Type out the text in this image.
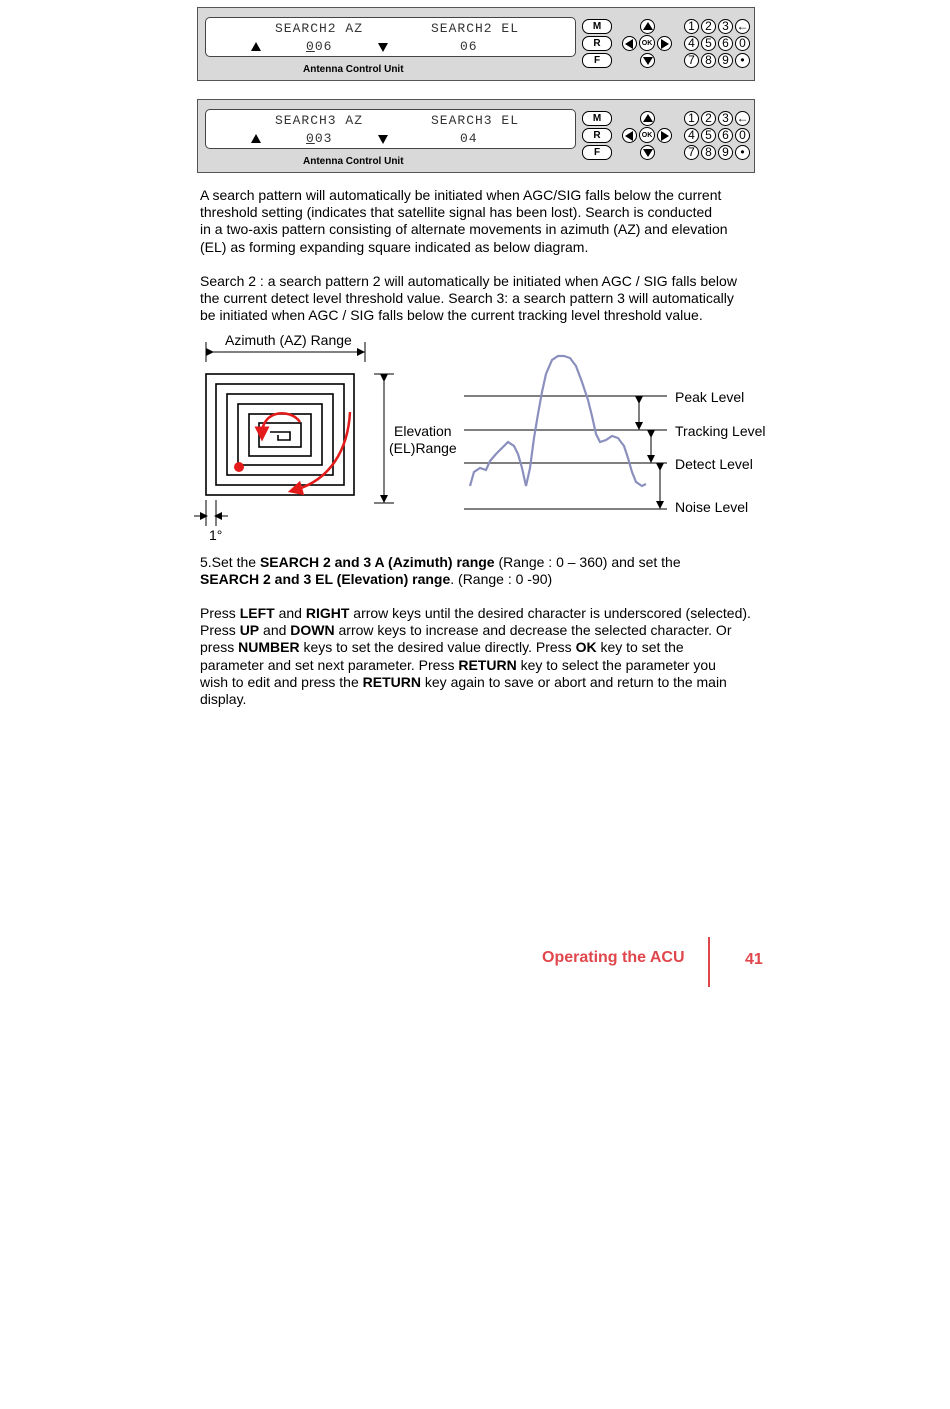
SEARCH2 AZ	SEARCH2 EL
006	06
Antenna Control Unit
M
R
F
OK
1 2 3 ←
4 5 6 0
7 8 9 •
SEARCH3 AZ	SEARCH3 EL
003	04
Antenna Control Unit
M
R
F
OK
1 2 3 ←
4 5 6 0
7 8 9 •

A search pattern will automatically be initiated when AGC/SIG falls below the current

threshold setting (indicates that satellite signal has been lost). Search is conducted

in a two-axis pattern consisting of alternate movements in azimuth (AZ) and elevation

(EL) as forming expanding square indicated as below diagram.

Search 2 : a search pattern 2 will automatically be initiated when AGC / SIG falls below

the current detect level threshold value. Search 3: a search pattern 3 will automatically

be initiated when AGC / SIG falls below the current tracking level threshold value.

Azimuth (AZ) Range
Elevation
(EL)Range
1°
Peak Level
Tracking Level
Detect Level
Noise Level

5.Set the SEARCH 2 and 3 A (Azimuth) range (Range : 0 – 360) and set the

SEARCH 2 and 3 EL (Elevation) range. (Range : 0 -90)

Press LEFT and RIGHT arrow keys until the desired character is underscored (selected).

Press UP and DOWN arrow keys to increase and decrease the selected character. Or

press NUMBER keys to set the desired value directly. Press OK key to set the

parameter and set next parameter. Press RETURN key to select the parameter you

wish to edit and press the RETURN key again to save or abort and return to the main

display.

Operating the ACU	41
